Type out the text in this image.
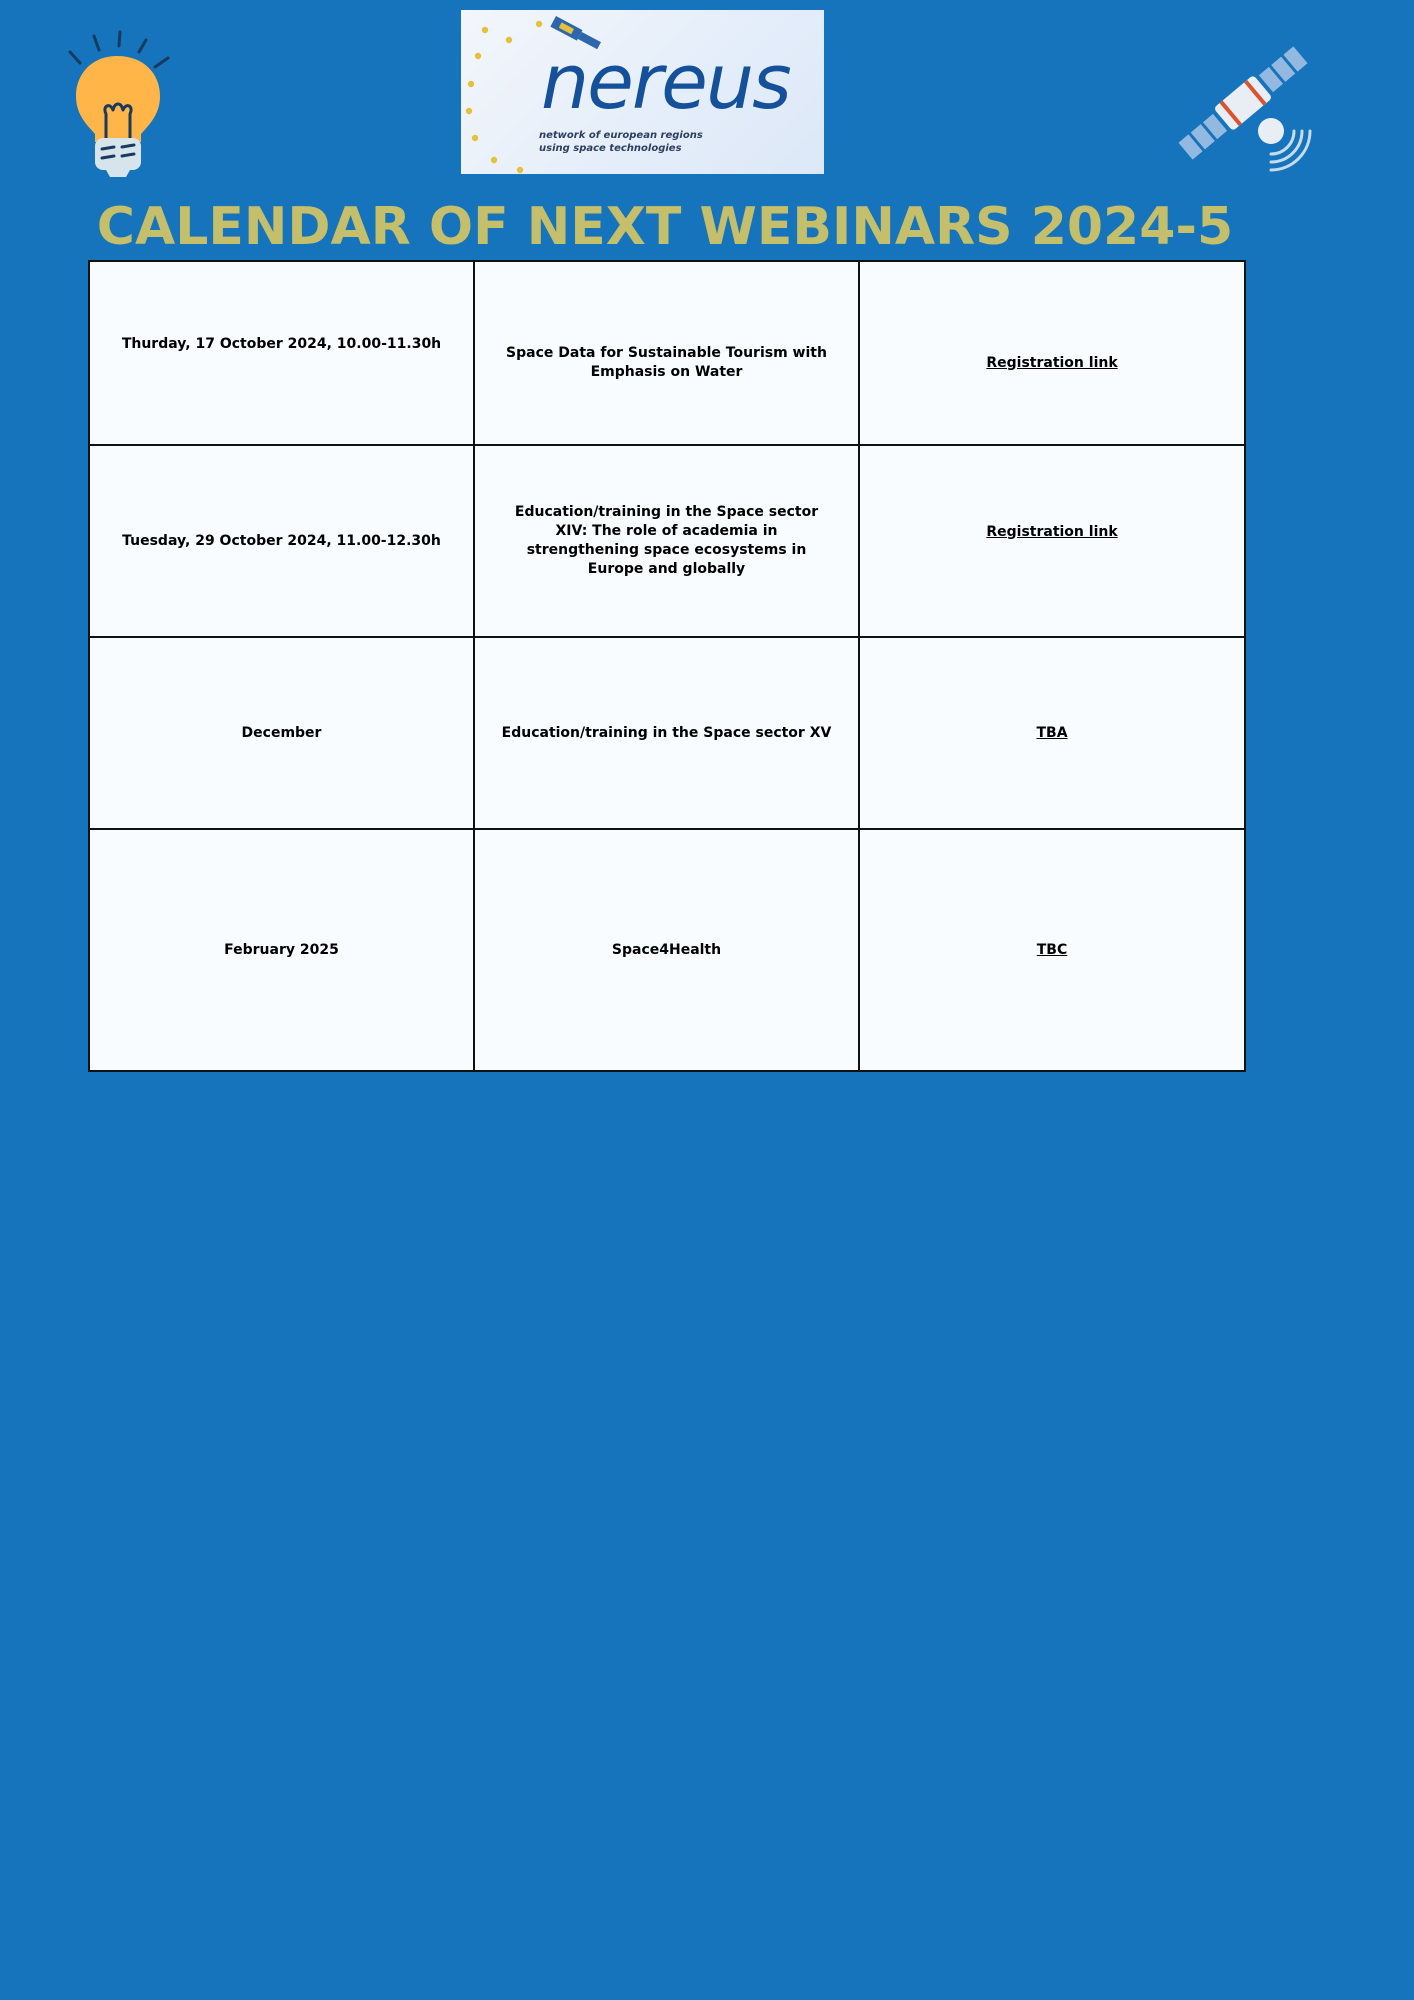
nereus
network of european regions
using space technologies
CALENDAR OF NEXT WEBINARS 2024-5
Thurday, 17 October 2024, 10.00-11.30h	Space Data for Sustainable Tourism with Emphasis on Water	Registration link
Tuesday, 29 October 2024, 11.00-12.30h	Education/training in the Space sector XIV: The role of academia in strengthening space ecosystems in Europe and globally	Registration link
December	Education/training in the Space sector XV	TBA
February 2025	Space4Health	TBC
